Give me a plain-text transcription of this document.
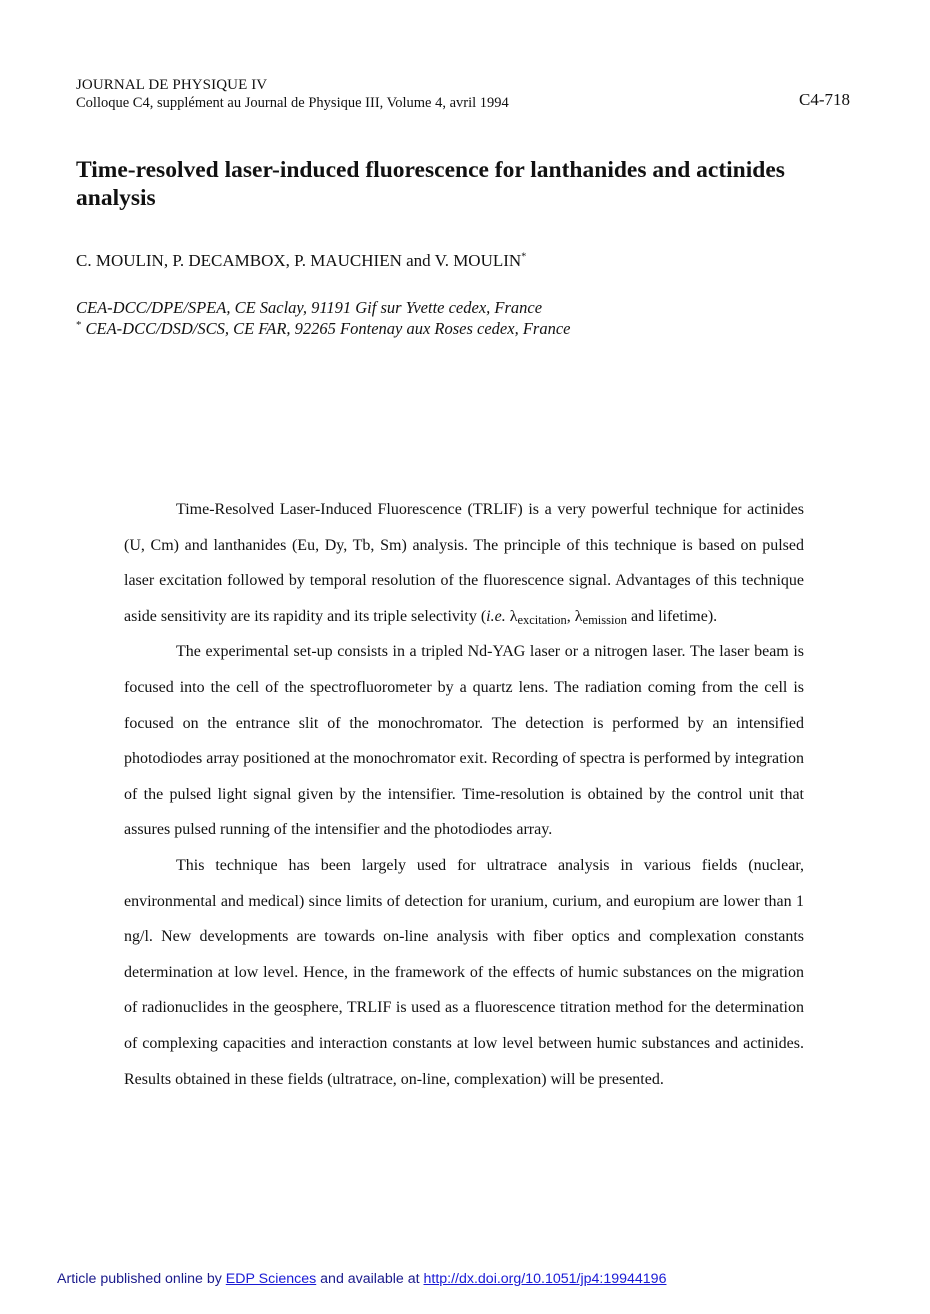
JOURNAL DE PHYSIQUE IV
Colloque C4, supplément au Journal de Physique III, Volume 4, avril 1994	C4-718
Time-resolved laser-induced fluorescence for lanthanides and actinides analysis
C. MOULIN, P. DECAMBOX, P. MAUCHIEN and V. MOULIN*
CEA-DCC/DPE/SPEA, CE Saclay, 91191 Gif sur Yvette cedex, France
* CEA-DCC/DSD/SCS, CE FAR, 92265 Fontenay aux Roses cedex, France

Time-Resolved Laser-Induced Fluorescence (TRLIF) is a very powerful technique for actinides (U, Cm) and lanthanides (Eu, Dy, Tb, Sm) analysis. The principle of this technique is based on pulsed laser excitation followed by temporal resolution of the fluorescence signal. Advantages of this technique aside sensitivity are its rapidity and its triple selectivity (i.e. $\lambda_{excitation}$, $\lambda_{emission}$ and lifetime).

The experimental set-up consists in a tripled Nd-YAG laser or a nitrogen laser. The laser beam is focused into the cell of the spectrofluorometer by a quartz lens. The radiation coming from the cell is focused on the entrance slit of the monochromator. The detection is performed by an intensified photodiodes array positioned at the monochromator exit. Recording of spectra is performed by integration of the pulsed light signal given by the intensifier. Time-resolution is obtained by the control unit that assures pulsed running of the intensifier and the photodiodes array.

This technique has been largely used for ultratrace analysis in various fields (nuclear, environmental and medical) since limits of detection for uranium, curium, and europium are lower than 1 ng/l. New developments are towards on-line analysis with fiber optics and complexation constants determination at low level. Hence, in the framework of the effects of humic substances on the migration of radionuclides in the geosphere, TRLIF is used as a fluorescence titration method for the determination of complexing capacities and interaction constants at low level between humic substances and actinides. Results obtained in these fields (ultratrace, on-line, complexation) will be presented.

Article published online by EDP Sciences and available at http://dx.doi.org/10.1051/jp4:19944196
